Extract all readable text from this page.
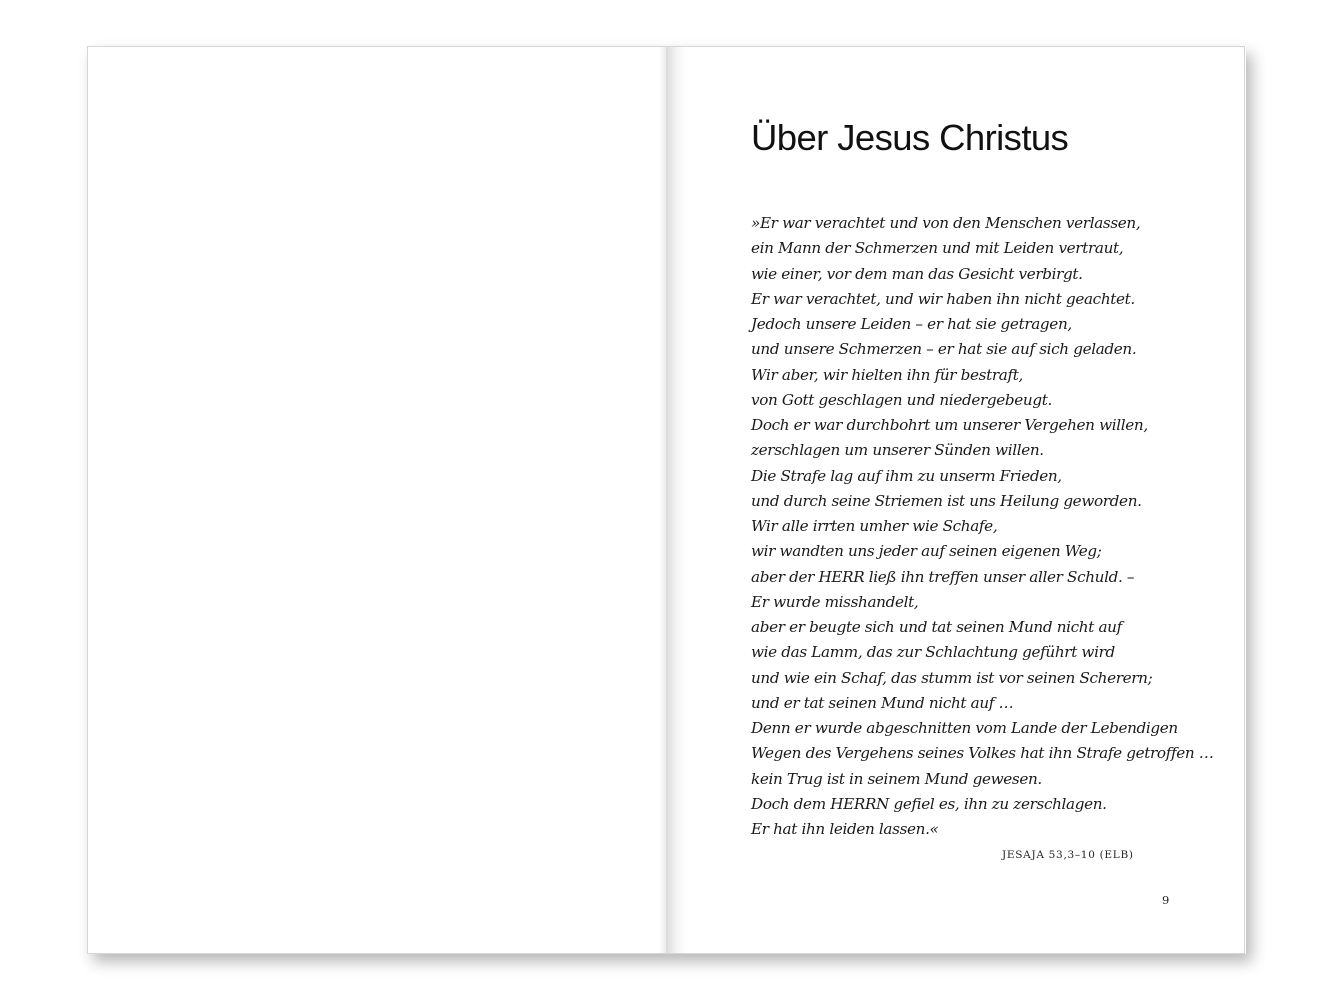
Über Jesus Christus
»Er war verachtet und von den Menschen verlassen,
ein Mann der Schmerzen und mit Leiden vertraut,
wie einer, vor dem man das Gesicht verbirgt.
Er war verachtet, und wir haben ihn nicht geachtet.
Jedoch unsere Leiden – er hat sie getragen,
und unsere Schmerzen – er hat sie auf sich geladen.
Wir aber, wir hielten ihn für bestraft,
von Gott geschlagen und niedergebeugt.
Doch er war durchbohrt um unserer Vergehen willen,
zerschlagen um unserer Sünden willen.
Die Strafe lag auf ihm zu unserm Frieden,
und durch seine Striemen ist uns Heilung geworden.
Wir alle irrten umher wie Schafe,
wir wandten uns jeder auf seinen eigenen Weg;
aber der HERR ließ ihn treffen unser aller Schuld. –
Er wurde misshandelt,
aber er beugte sich und tat seinen Mund nicht auf
wie das Lamm, das zur Schlachtung geführt wird
und wie ein Schaf, das stumm ist vor seinen Scherern;
und er tat seinen Mund nicht auf …
Denn er wurde abgeschnitten vom Lande der Lebendigen
Wegen des Vergehens seines Volkes hat ihn Strafe getroffen …
kein Trug ist in seinem Mund gewesen.
Doch dem HERRN gefiel es, ihn zu zerschlagen.
Er hat ihn leiden lassen.«
JESAJA 53,3–10 (ELB)
9
